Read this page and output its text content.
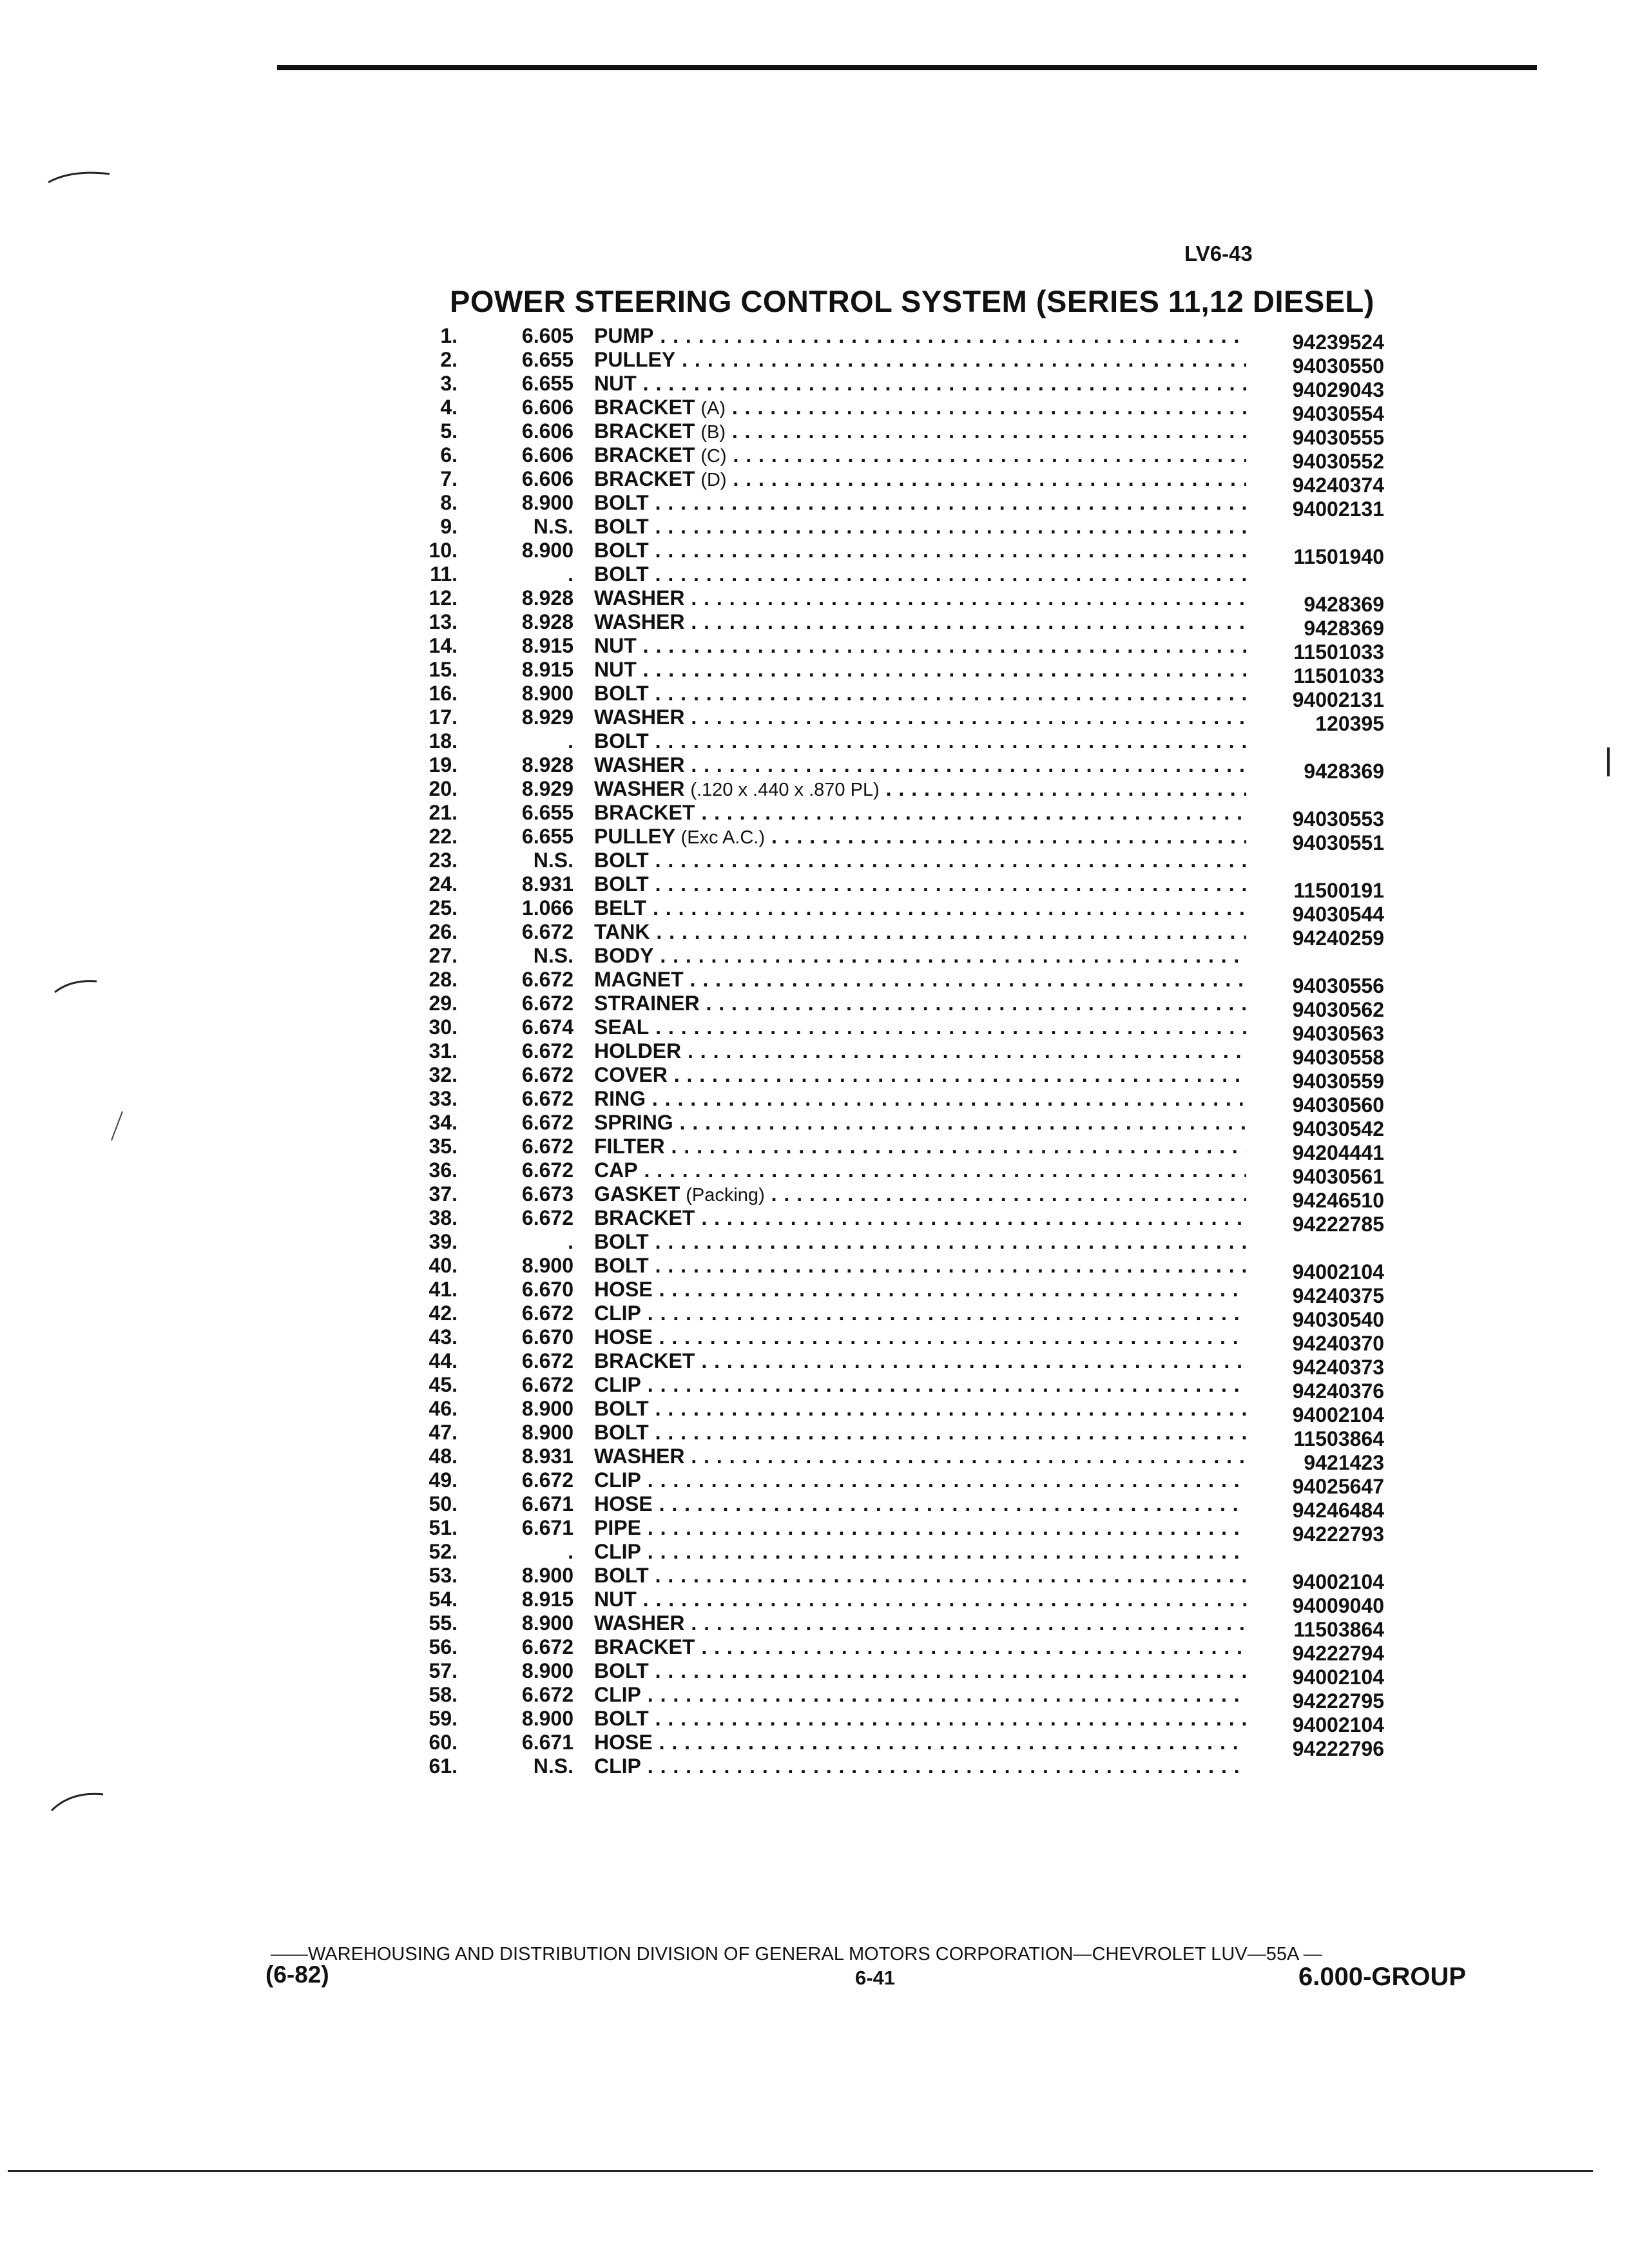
LV6-43
POWER STEERING CONTROL SYSTEM (SERIES 11,12 DIESEL)
1.	6.605 PUMP . . .	94239524
2.	6.655 PULLEY . . .	94030550
3.	6.655 NUT . . .	94029043
4.	6.606 BRACKET (A) . . .	94030554
5.	6.606 BRACKET (B) . . .	94030555
6.	6.606 BRACKET (C) . . .	94030552
7.	6.606 BRACKET (D) . . .	94240374
8.	8.900 BOLT . . .	94002131
9.	N.S. BOLT . . .
10.	8.900 BOLT . . .	11501940
11.	. BOLT . . .
12.	8.928 WASHER . . .	9428369
13.	8.928 WASHER . . .	9428369
14.	8.915 NUT . . .	11501033
15.	8.915 NUT . . .	11501033
16.	8.900 BOLT . . .	94002131
17.	8.929 WASHER . . .	120395
18.	. BOLT . . .
19.	8.928 WASHER . . .	9428369
20.	8.929 WASHER (.120 x .440 x .870 PL) . . .
21.	6.655 BRACKET . . .	94030553
22.	6.655 PULLEY (Exc A.C.) . . .	94030551
23.	N.S. BOLT . . .
24.	8.931 BOLT . . .	11500191
25.	1.066 BELT . . .	94030544
26.	6.672 TANK . . .	94240259
27.	N.S. BODY . . .
28.	6.672 MAGNET . . .	94030556
29.	6.672 STRAINER . . .	94030562
30.	6.674 SEAL . . .	94030563
31.	6.672 HOLDER . . .	94030558
32.	6.672 COVER . . .	94030559
33.	6.672 RING . . .	94030560
34.	6.672 SPRING . . .	94030542
35.	6.672 FILTER . . .	94204441
36.	6.672 CAP . . .	94030561
37.	6.673 GASKET (Packing) . . .	94246510
38.	6.672 BRACKET . . .	94222785
39.	. BOLT . . .
40.	8.900 BOLT . . .	94002104
41.	6.670 HOSE . . .	94240375
42.	6.672 CLIP . . .	94030540
43.	6.670 HOSE . . .	94240370
44.	6.672 BRACKET . . .	94240373
45.	6.672 CLIP . . .	94240376
46.	8.900 BOLT . . .	94002104
47.	8.900 BOLT . . .	11503864
48.	8.931 WASHER . . .	9421423
49.	6.672 CLIP . . .	94025647
50.	6.671 HOSE . . .	94246484
51.	6.671 PIPE . . .	94222793
52.	. CLIP . . .
53.	8.900 BOLT . . .	94002104
54.	8.915 NUT . . .	94009040
55.	8.900 WASHER . . .	11503864
56.	6.672 BRACKET . . .	94222794
57.	8.900 BOLT . . .	94002104
58.	6.672 CLIP . . .	94222795
59.	8.900 BOLT . . .	94002104
60.	6.671 HOSE . . .	94222796
61.	N.S. CLIP . . .
——WAREHOUSING AND DISTRIBUTION DIVISION OF GENERAL MOTORS CORPORATION—CHEVROLET LUV—55A —
(6-82)	6-41	6.000-GROUP
